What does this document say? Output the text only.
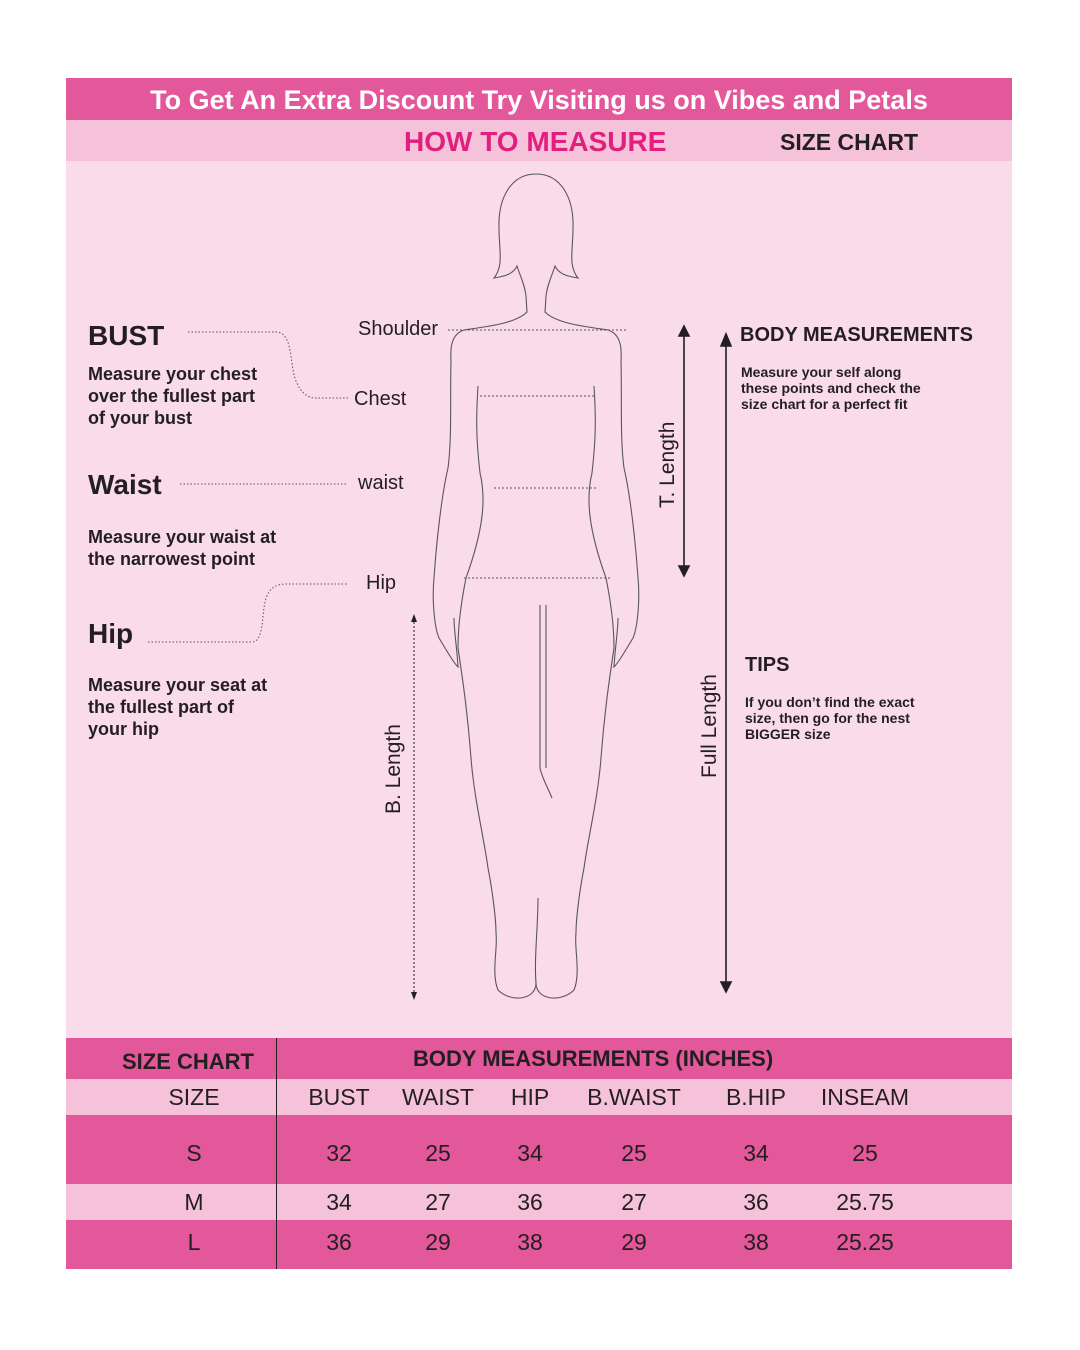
To Get An Extra Discount Try Visiting us on Vibes and Petals
HOW TO MEASURE	SIZE CHART
BUST
Measure your chest
over the fullest part
of your bust
Waist
Measure your waist at
the narrowest point
Hip
Measure your seat at
the fullest part of
your hip
Shoulder
Chest
waist
Hip
T. Length
B. Length	Full Length
BODY MEASUREMENTS
Measure your self along
these points and check the
size chart for a perfect fit
TIPS
If you don’t find the exact
size, then go for the nest
BIGGER size
SIZE CHART	BODY MEASUREMENTS (INCHES)
SIZE	BUST	WAIST	HIP	B.WAIST	B.HIP	INSEAM
S	32	25	34	25	34	25
M	34	27	36	27	36	25.75
L	36	29	38	29	38	25.25
